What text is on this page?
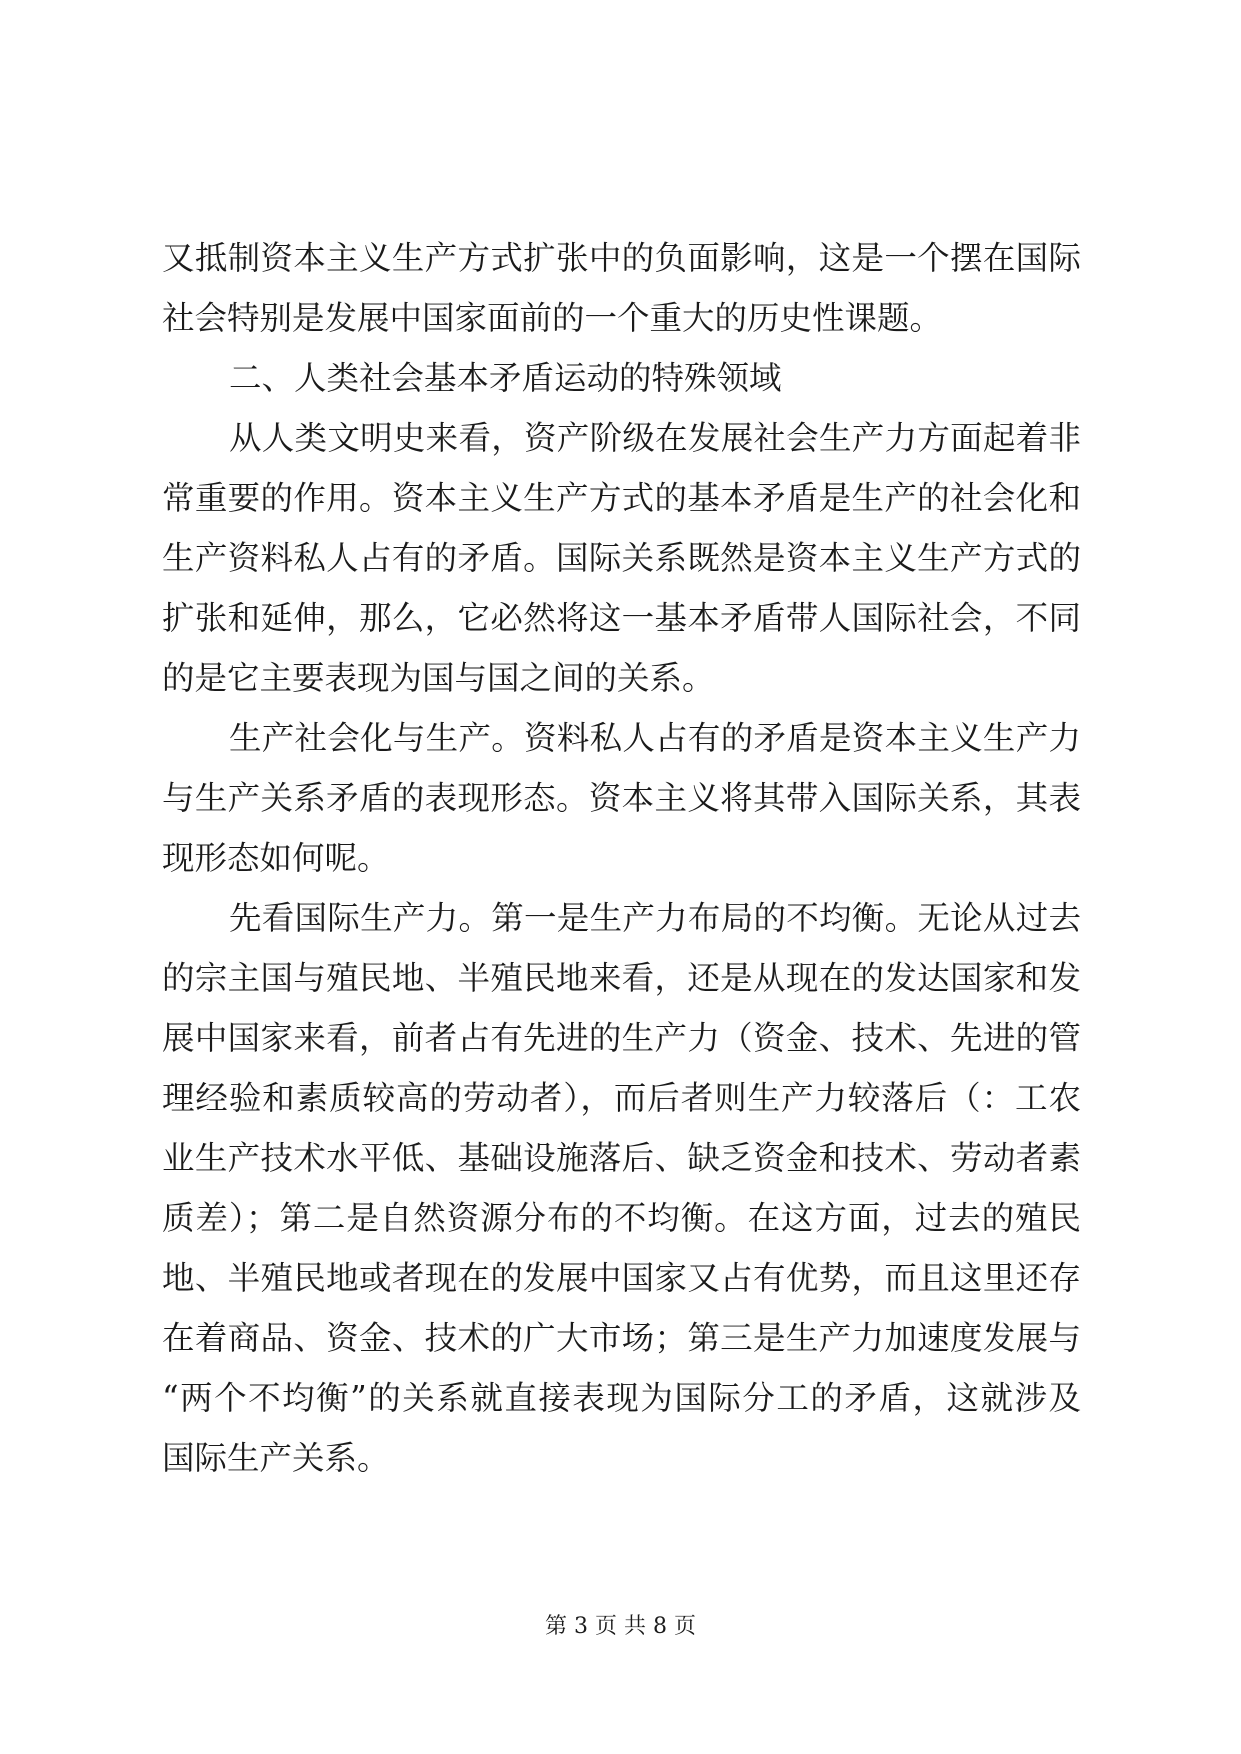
又抵制资本主义生产方式扩张中的负面影响，这是一个摆在国际
社会特别是发展中国家面前的一个重大的历史性课题。
二、人类社会基本矛盾运动的特殊领域
从人类文明史来看，资产阶级在发展社会生产力方面起着非
常重要的作用。资本主义生产方式的基本矛盾是生产的社会化和
生产资料私人占有的矛盾。国际关系既然是资本主义生产方式的
扩张和延伸，那么，它必然将这一基本矛盾带人国际社会，不同
的是它主要表现为国与国之间的关系。
生产社会化与生产。资料私人占有的矛盾是资本主义生产力
与生产关系矛盾的表现形态。资本主义将其带入国际关系，其表
现形态如何呢。
先看国际生产力。第一是生产力布局的不均衡。无论从过去
的宗主国与殖民地、半殖民地来看，还是从现在的发达国家和发
展中国家来看，前者占有先进的生产力（资金、技术、先进的管
理经验和素质较高的劳动者），而后者则生产力较落后（：工农
业生产技术水平低、基础设施落后、缺乏资金和技术、劳动者素
质差）；第二是自然资源分布的不均衡。在这方面，过去的殖民
地、半殖民地或者现在的发展中国家又占有优势，而且这里还存
在着商品、资金、技术的广大市场；第三是生产力加速度发展与
“两个不均衡”的关系就直接表现为国际分工的矛盾，这就涉及
国际生产关系。
第 3 页 共 8 页
